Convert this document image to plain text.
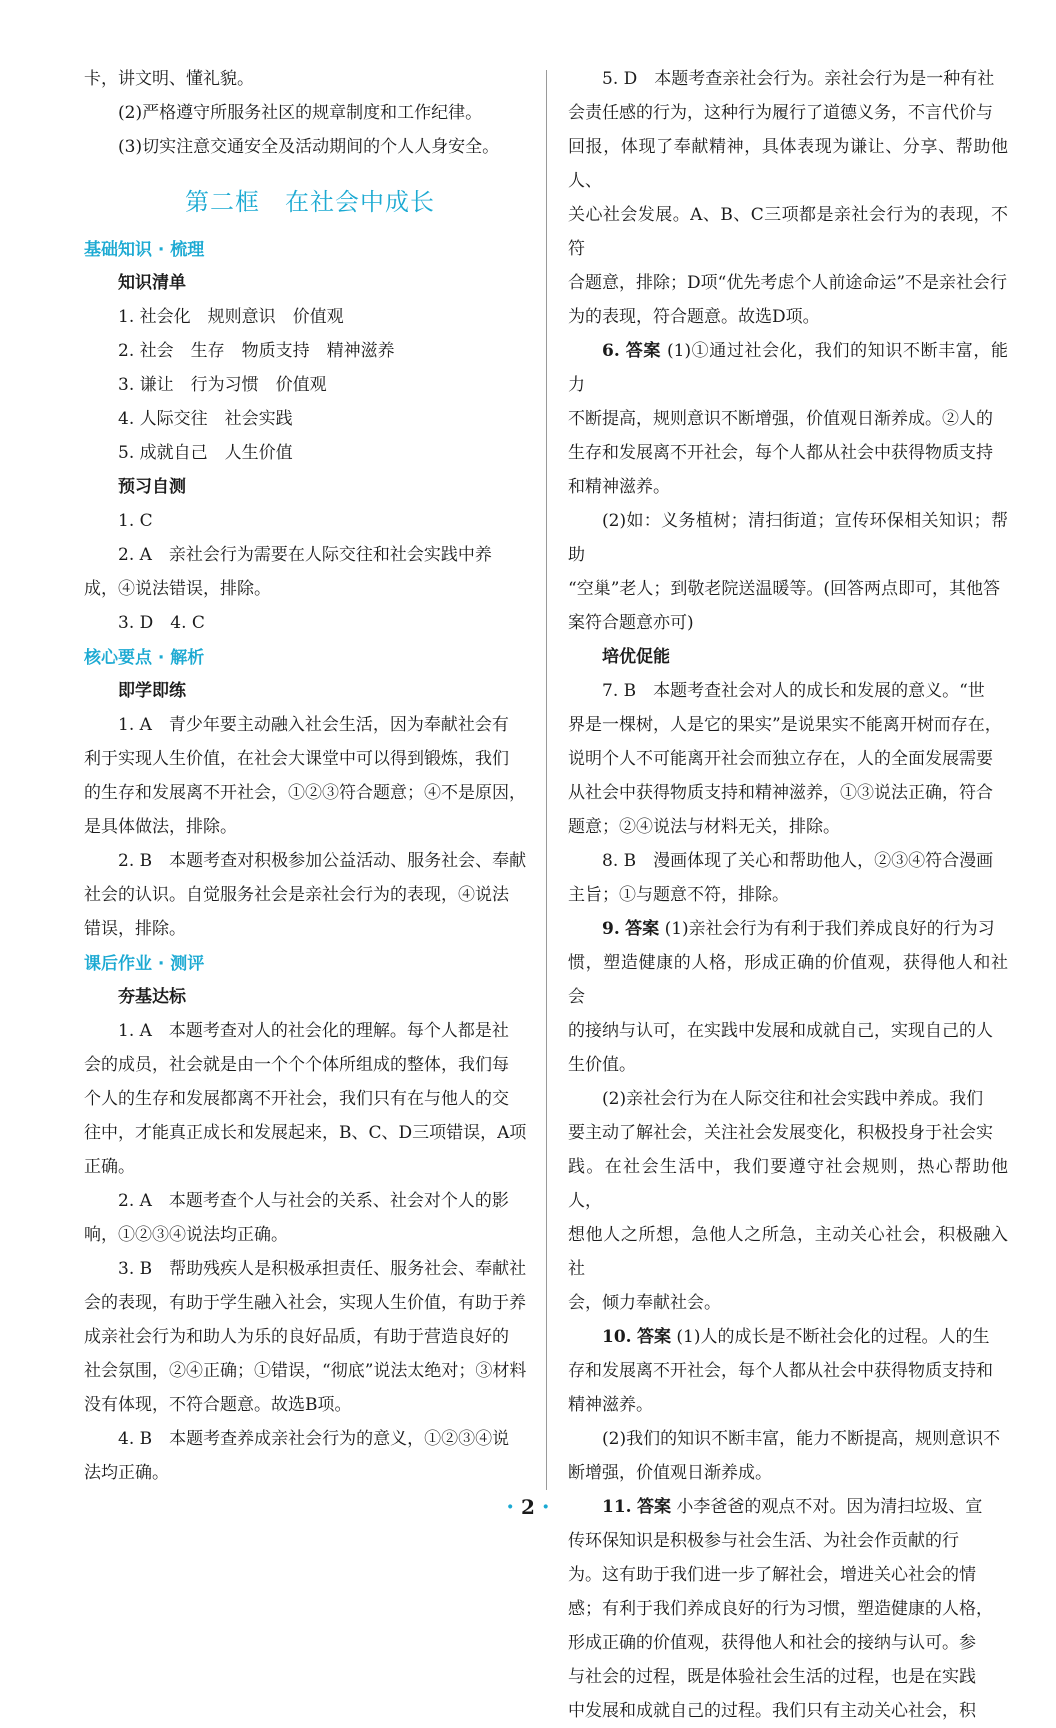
卡，讲文明、懂礼貌。

(2)严格遵守所服务社区的规章制度和工作纪律。

(3)切实注意交通安全及活动期间的个人人身安全。

第二框　在社会中成长
基础知识 · 梳理
知识清单

1. 社会化　规则意识　价值观

2. 社会　生存　物质支持　精神滋养

3. 谦让　行为习惯　价值观

4. 人际交往　社会实践

5. 成就自己　人生价值

预习自测

1. C

2. A　亲社会行为需要在人际交往和社会实践中养

成，④说法错误，排除。

3. D　4. C

核心要点 · 解析
即学即练

1. A　青少年要主动融入社会生活，因为奉献社会有

利于实现人生价值，在社会大课堂中可以得到锻炼，我们

的生存和发展离不开社会，①②③符合题意；④不是原因，

是具体做法，排除。

2. B　本题考查对积极参加公益活动、服务社会、奉献

社会的认识。自觉服务社会是亲社会行为的表现，④说法

错误，排除。

课后作业 · 测评
夯基达标

1. A　本题考查对人的社会化的理解。每个人都是社

会的成员，社会就是由一个个个体所组成的整体，我们每

个人的生存和发展都离不开社会，我们只有在与他人的交

往中，才能真正成长和发展起来，B、C、D三项错误，A项

正确。

2. A　本题考查个人与社会的关系、社会对个人的影

响，①②③④说法均正确。

3. B　帮助残疾人是积极承担责任、服务社会、奉献社

会的表现，有助于学生融入社会，实现人生价值，有助于养

成亲社会行为和助人为乐的良好品质，有助于营造良好的

社会氛围，②④正确；①错误，“彻底”说法太绝对；③材料

没有体现，不符合题意。故选B项。

4. B　本题考查养成亲社会行为的意义，①②③④说

法均正确。

5. D　本题考查亲社会行为。亲社会行为是一种有社

会责任感的行为，这种行为履行了道德义务，不言代价与

回报，体现了奉献精神，具体表现为谦让、分享、帮助他人、

关心社会发展。A、B、C三项都是亲社会行为的表现，不符

合题意，排除；D项“优先考虑个人前途命运”不是亲社会行

为的表现，符合题意。故选D项。

6. 答案 (1)①通过社会化，我们的知识不断丰富，能力

不断提高，规则意识不断增强，价值观日渐养成。②人的

生存和发展离不开社会，每个人都从社会中获得物质支持

和精神滋养。

(2)如：义务植树；清扫街道；宣传环保相关知识；帮助

“空巢”老人；到敬老院送温暖等。(回答两点即可，其他答

案符合题意亦可)

培优促能

7. B　本题考查社会对人的成长和发展的意义。“世

界是一棵树，人是它的果实”是说果实不能离开树而存在，

说明个人不可能离开社会而独立存在，人的全面发展需要

从社会中获得物质支持和精神滋养，①③说法正确，符合

题意；②④说法与材料无关，排除。

8. B　漫画体现了关心和帮助他人，②③④符合漫画

主旨；①与题意不符，排除。

9. 答案 (1)亲社会行为有利于我们养成良好的行为习

惯，塑造健康的人格，形成正确的价值观，获得他人和社会

的接纳与认可，在实践中发展和成就自己，实现自己的人

生价值。

(2)亲社会行为在人际交往和社会实践中养成。我们

要主动了解社会，关注社会发展变化，积极投身于社会实

践。在社会生活中，我们要遵守社会规则，热心帮助他人，

想他人之所想，急他人之所急，主动关心社会，积极融入社

会，倾力奉献社会。

10. 答案 (1)人的成长是不断社会化的过程。人的生

存和发展离不开社会，每个人都从社会中获得物质支持和

精神滋养。

(2)我们的知识不断丰富，能力不断提高，规则意识不

断增强，价值观日渐养成。

11. 答案 小李爸爸的观点不对。因为清扫垃圾、宣

传环保知识是积极参与社会生活、为社会作贡献的行

为。这有助于我们进一步了解社会，增进关心社会的情

感；有利于我们养成良好的行为习惯，塑造健康的人格，

形成正确的价值观，获得他人和社会的接纳与认可。参

与社会的过程，既是体验社会生活的过程，也是在实践

中发展和成就自己的过程。我们只有主动关心社会，积

· 2 ·
